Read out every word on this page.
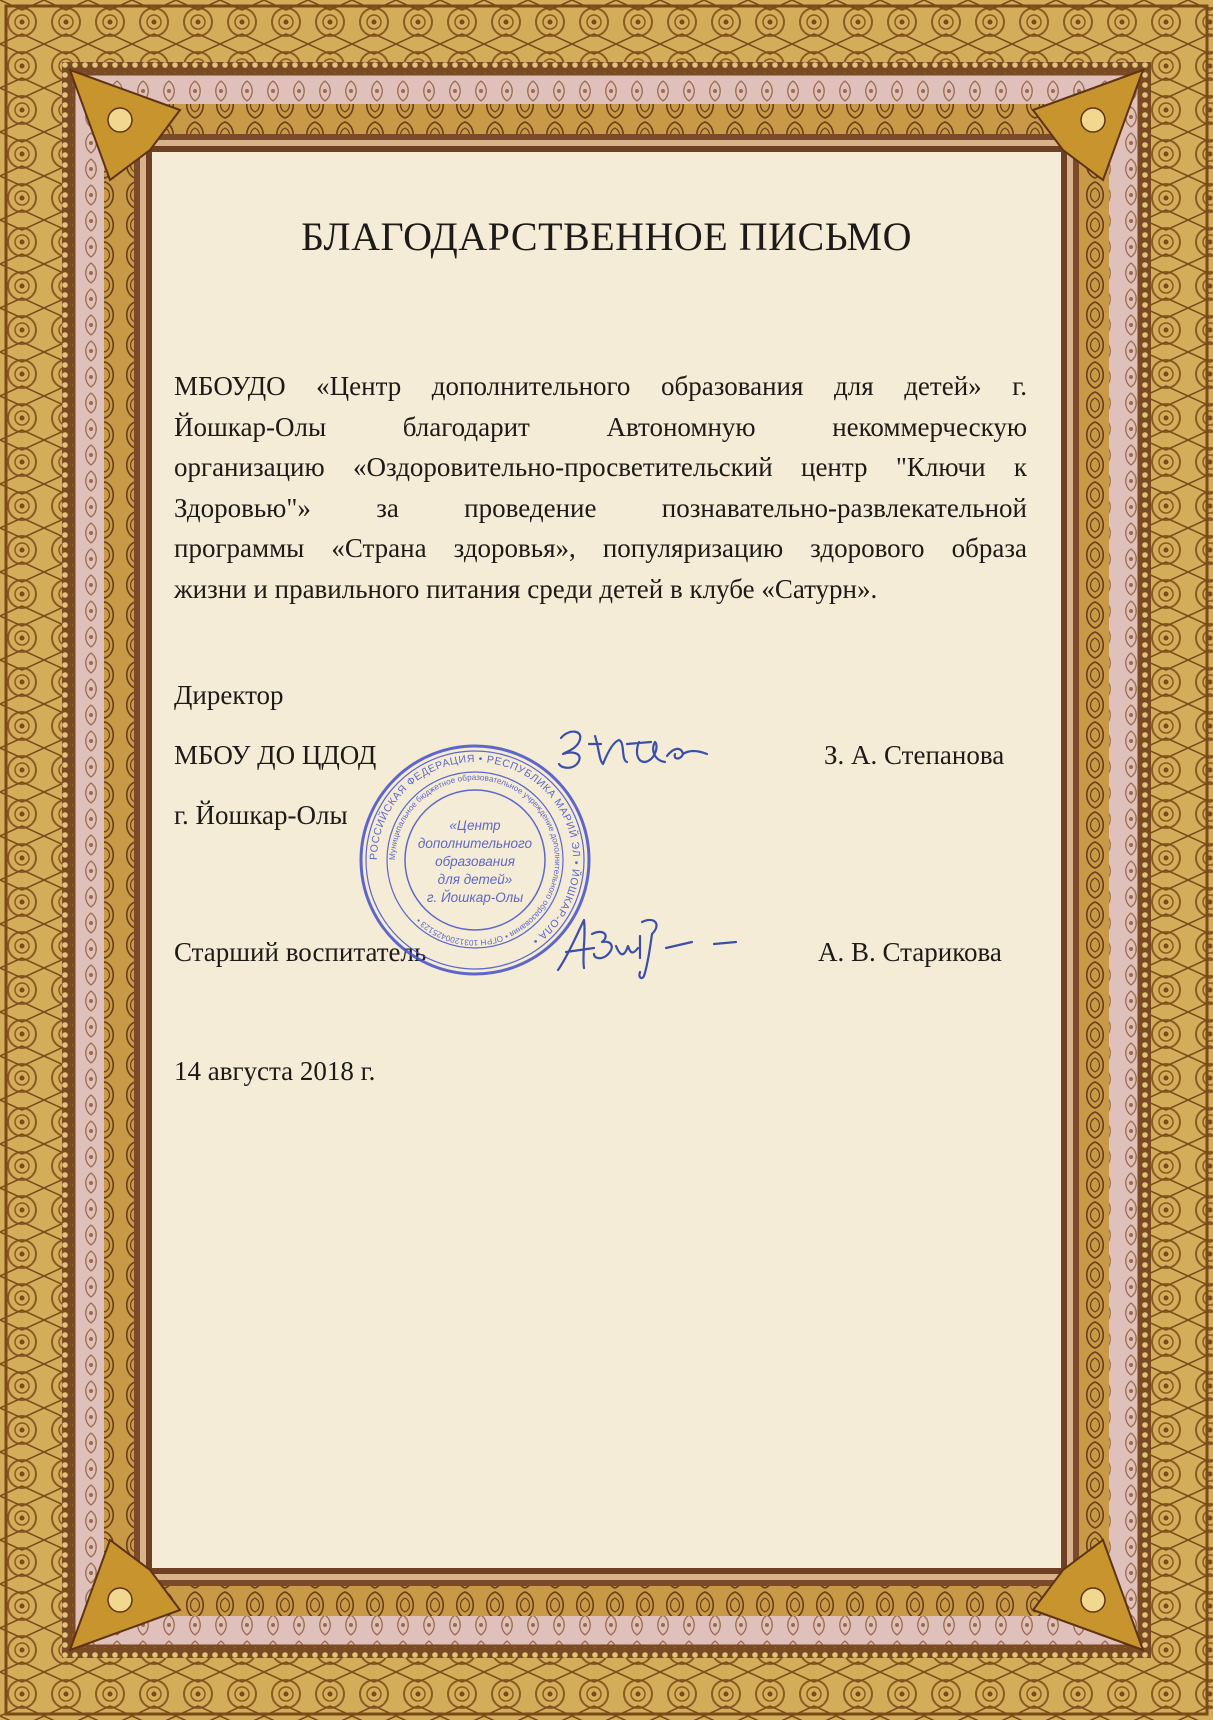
БЛАГОДАРСТВЕННОЕ ПИСЬМО
МБОУДО «Центр дополнительного образования для детей» г.
Йошкар-Олы благодарит Автономную некоммерческую
организацию «Оздоровительно-просветительский центр "Ключи к
Здоровью"» за проведение познавательно-развлекательной
программы «Страна здоровья», популяризацию здорового образа
жизни и правильного питания среди детей в клубе «Сатурн».
Директор
МБОУ ДО ЦДОД
г. Йошкар-Олы
З. А. Степанова
Старший воспитатель	А. В. Старикова
14 августа 2018 г.
РОССИЙСКАЯ ФЕДЕРАЦИЯ • РЕСПУБЛИКА МАРИЙ ЭЛ • ЙОШКАР-ОЛА •
Муниципальное бюджетное образовательное учреждение дополнительного образования • ОГРН 1031200425123 •
«Центр
дополнительного
образования
для детей»
г. Йошкар-Олы
